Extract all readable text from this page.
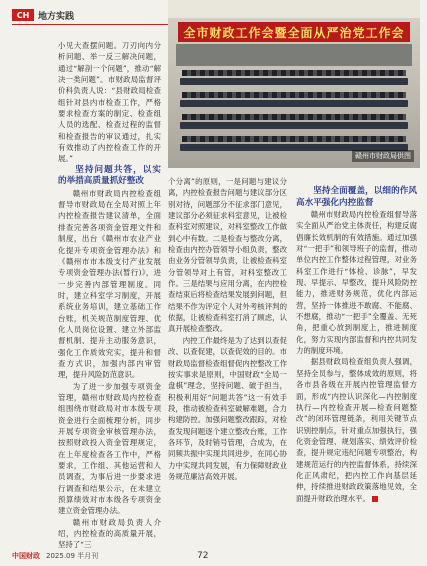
CH 地方实践
全市财政工作会暨全面从严治党工作会
赣州市财政局供图

小见大查摆问题。刀刃向内分析问题、举一反三解决问题，通过“解剖一个问题”，推动“解决一类问题”。市财政局监督评价科负责人说：“县财政局检查组针对县内市检查工作，严格要求检查方案的制定、检查组人员的选配、检查过程的监督和检查报告的审议通过，扎实有效推动了内控检查工作的开展。”

坚持问题共答，以实的举措高质量抓好整改

赣州市财政局内控检查组督导市财政局在全局对照上年内控检查报告建议清单，全面排查完善各项资金管理文件和制度，出台《赣州市农业产业化提升专项资金管理办法》和《赣州市市本级支付产业发展专项资金管理办法(暂行)》，进一步完善内部管理制度。同时，建立科室学习制度，开展系统业务培训，建立基础工作台账，机关规范制度管理、优化人员岗位设置、建立外部监督机制、提升主动服务意识，强化工作质效究实，提升和督查方式识，加强内部内审管理，提升风险防范意识。

为了进一步加强专项资金管理，赣州市财政局内控检查组围绕市财政局对市本级专项资金进行全面梳理分析，同步开展专项资金审核管理办法，按照财政投入资金管理规定，在上年度检查各工作中，严格要求，工作组、其他运营和人员调查，为事后进一步要求进行调查和结果公示，在未建立预算绩效对市本级各专项资金建立资金管理办法。

赣州市财政局负责人介绍，内控检查的高质量开展，坚持了“三

个分离”的原则，一是问题与建议分离，内控检查报告问题与建议部分区别对待，问题部分不征求部门意见，建议部分必须征求科室意见，让被检查科室对照建议，对科室整改工作做到心中有数。二是检查与整改分离，检查由内控办管领导小组负责，整改由业务分管领导负责，让被检查科室分管领导对上有管，对科室整改工作。三是结果与应用分离，在内控检查结束后将检查结果发展到问题，但结果不作为评定个人对外考核评判的依据，让被检查科室打消了顾虑，认真开展检查整改。

内控工作最终是为了达到以查促改、以查促建，以查促效的目的。市财政局监督检查组督促内控整改工作按实事求是原则，中国财政“全局一盘棋”理念，坚持问题、破于担当，积极利用好“问题共答”这一有效手段，推动被检查科室破解难题，合力构建防控。加强问题整改跟踪，对检查发现问题逐个建立整改台账，工作各环节，及时销号管理，合成为，在同频共振中实现共同进步，在同心协力中实现共同发展，有力保障财政业务规范廉洁高效开展。

坚持全面覆盖，以细的作风高水平强化内控监督

赣州市财政局内控检查组督导落实全面从严治党主体责任，构建反腐倡廉长效机制的有效措施。通过加强对“一把手”和领导班子的监督，推动单位内控工作整体过程管理，对业务科室工作进行“体检、诊脉”，早发现、早提示、早整改，提升风险防控能力，推进财务规范，优化内部运营，坚持一体推进不敢腐、不能腐、不想腐，推动“一把手”全覆盖、无死角，把重心放到制度上，推进制度化，努力实现内部监督和内控共同发力的制度环境。

据县财政局检查组负责人强调，坚持全员参与，整体成效的原则，将各市县各级在开展内控管理监督方面，形成“内控认识深化—内控制度执行—内控检查开展—检查问题整改”的闭环管理链条，利用关键节点识别控制点，针对重点加强执行，强化资金管理、规划落实、绩效评价检查，提升规定违纪问题专项整治，构建规范运行的内控监督体系，持续深化正风肃纪，把内控工作向基层延伸，持续推进财政政策落地见效，全面提升财政治理水平。

中国财政 2025.09 半月刊	72
